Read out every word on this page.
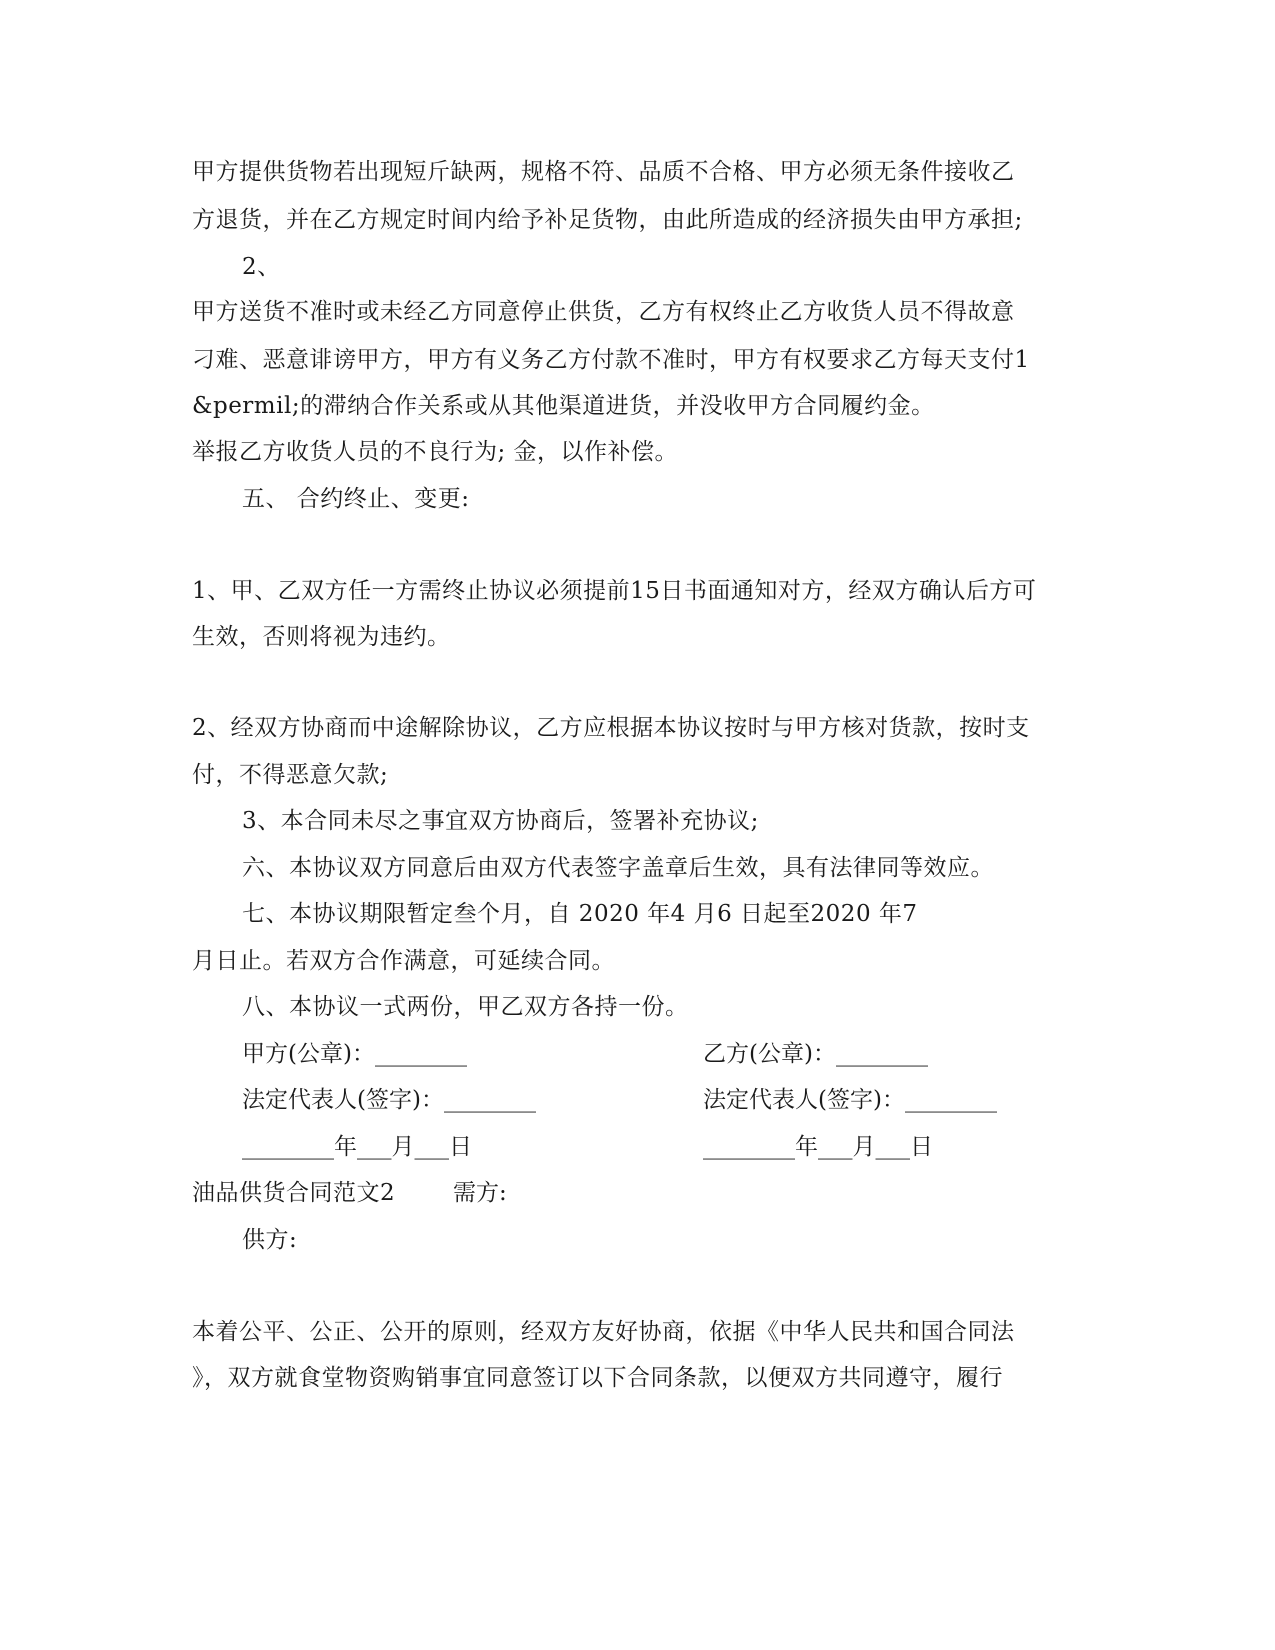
甲方提供货物若出现短斤缺两，规格不符、品质不合格、甲方必须无条件接收乙
方退货，并在乙方规定时间内给予补足货物，由此所造成的经济损失由甲方承担;
2、
甲方送货不准时或未经乙方同意停止供货，乙方有权终止乙方收货人员不得故意
刁难、恶意诽谤甲方，甲方有义务乙方付款不准时，甲方有权要求乙方每天支付1
&permil;的滞纳合作关系或从其他渠道进货，并没收甲方合同履约金。
举报乙方收货人员的不良行为; 金，以作补偿。
五、 合约终止、变更:
1、甲、乙双方任一方需终止协议必须提前15日书面通知对方，经双方确认后方可
生效，否则将视为违约。
2、经双方协商而中途解除协议，乙方应根据本协议按时与甲方核对货款，按时支
付，不得恶意欠款;
3、本合同未尽之事宜双方协商后，签署补充协议;
六、本协议双方同意后由双方代表签字盖章后生效，具有法律同等效应。
七、本协议期限暂定叁个月，自 2020 年4 月6 日起至2020 年7
月日止。若双方合作满意，可延续合同。
八、本协议一式两份，甲乙双方各持一份。
甲方(公章)：________	乙方(公章)：________
法定代表人(签字)：________	法定代表人(签字)：________
________年___月___日	________年___月___日
油品供货合同范文2	需方:
供方:
本着公平、公正、公开的原则，经双方友好协商，依据《中华人民共和国合同法
》，双方就食堂物资购销事宜同意签订以下合同条款，以便双方共同遵守，履行
